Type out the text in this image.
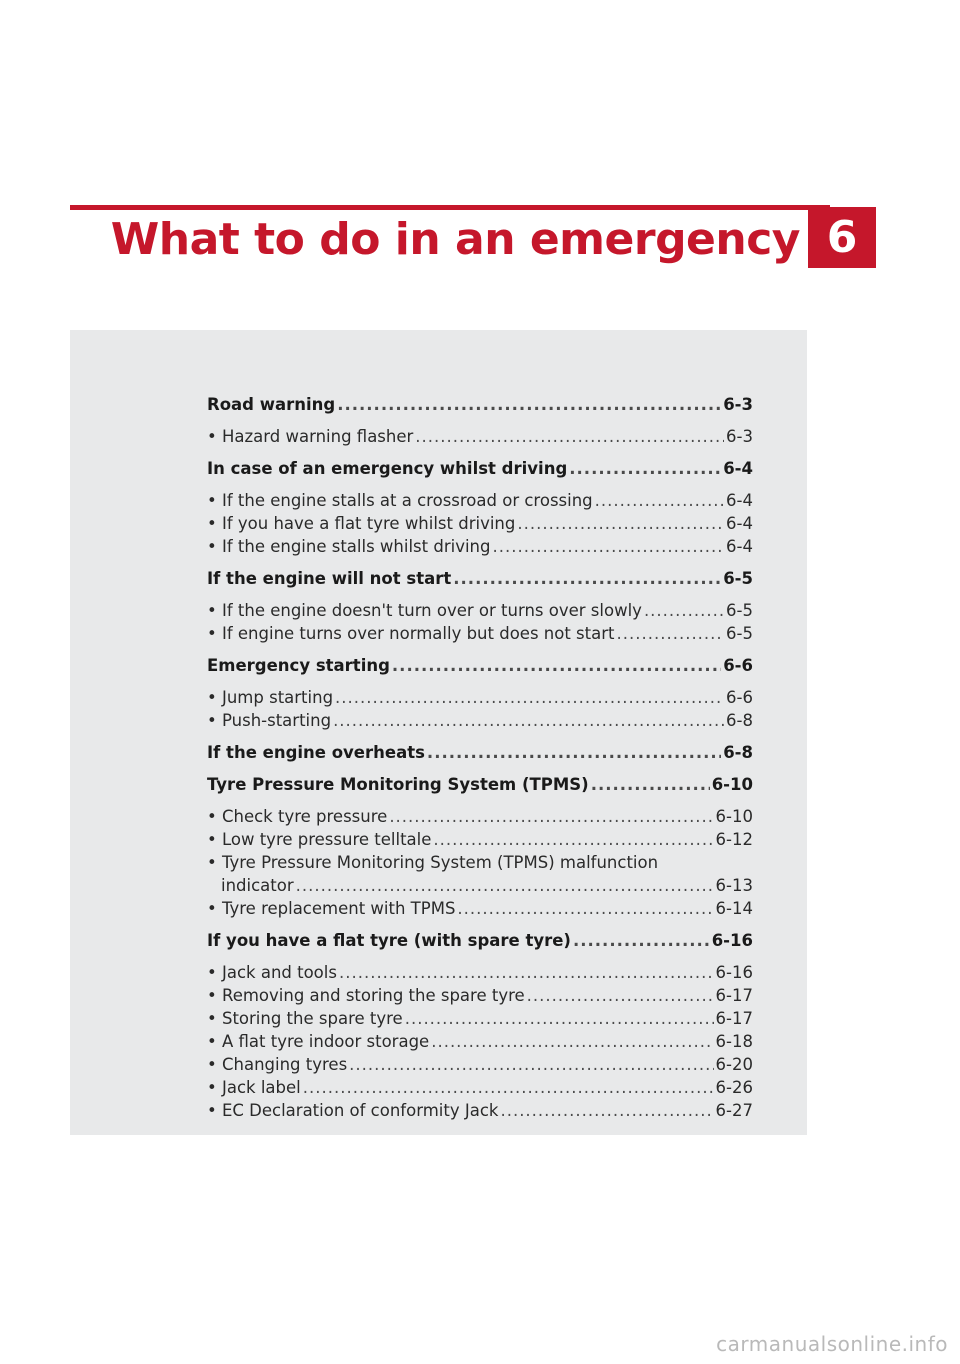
What to do in an emergency 6
Road warning .....	6-3
• Hazard warning flasher .....	6-3
In case of an emergency whilst driving .....	6-4
• If the engine stalls at a crossroad or crossing .....	6-4
• If you have a flat tyre whilst driving .....	6-4
• If the engine stalls whilst driving .....	6-4
If the engine will not start .....	6-5
• If the engine doesn't turn over or turns over slowly .....	6-5
• If engine turns over normally but does not start .....	6-5
Emergency starting .....	6-6
• Jump starting .....	6-6
• Push-starting .....	6-8
If the engine overheats .....	6-8
Tyre Pressure Monitoring System (TPMS) .....	6-10
• Check tyre pressure .....	6-10
• Low tyre pressure telltale .....	6-12
• Tyre Pressure Monitoring System (TPMS) malfunction
indicator .....	6-13
• Tyre replacement with TPMS .....	6-14
If you have a flat tyre (with spare tyre) .....	6-16
• Jack and tools .....	6-16
• Removing and storing the spare tyre .....	6-17
• Storing the spare tyre .....	6-17
• A flat tyre indoor storage .....	6-18
• Changing tyres .....	6-20
• Jack label .....	6-26
• EC Declaration of conformity Jack .....	6-27
carmanualsonline.info
